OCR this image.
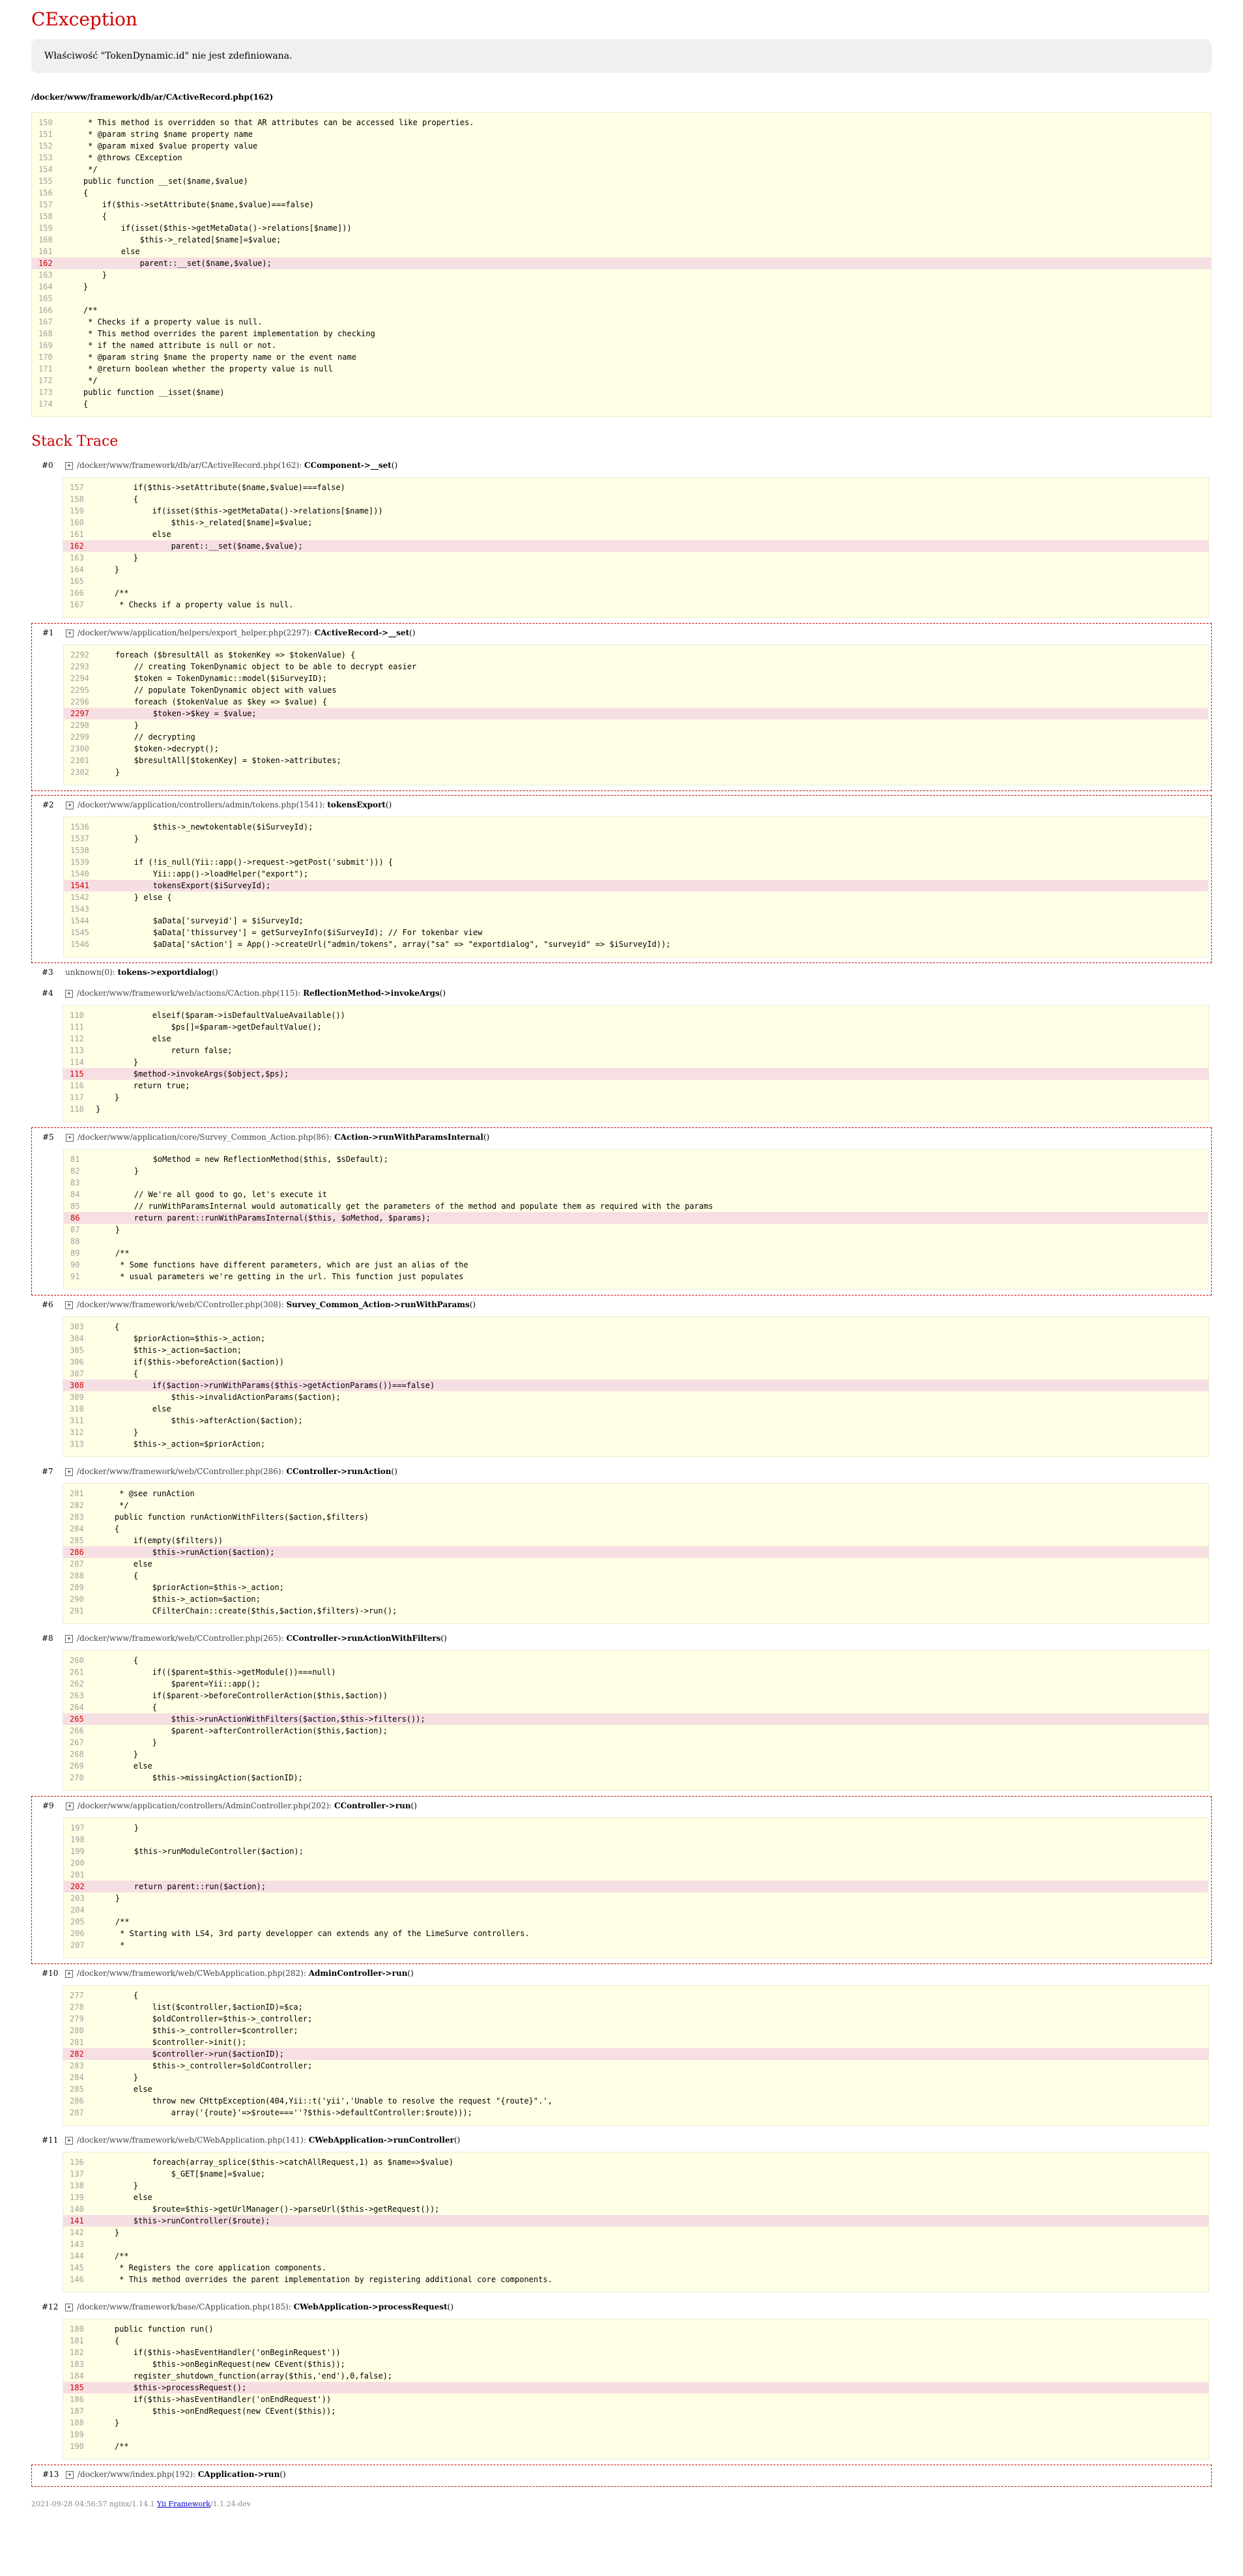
CException
Właściwość "TokenDynamic.id" nie jest zdefiniowana.
/docker/www/framework/db/ar/CActiveRecord.php(162)
150     * This method is overridden so that AR attributes can be accessed like properties.
151     * @param string $name property name
152     * @param mixed $value property value
153     * @throws CException
154     */
155    public function __set($name,$value)
156    {
157        if($this->setAttribute($name,$value)===false)
158        {
159            if(isset($this->getMetaData()->relations[$name]))
160                $this->_related[$name]=$value;
161            else
162                parent::__set($name,$value);
163        }
164    }
165
166    /**
167     * Checks if a property value is null.
168     * This method overrides the parent implementation by checking
169     * if the named attribute is null or not.
170     * @param string $name the property name or the event name
171     * @return boolean whether the property value is null
172     */
173    public function __isset($name)
174    {
Stack Trace
#0 + /docker/www/framework/db/ar/CActiveRecord.php(162): CComponent->__set()
157        if($this->setAttribute($name,$value)===false)
158        {
159            if(isset($this->getMetaData()->relations[$name]))
160                $this->_related[$name]=$value;
161            else
162                parent::__set($name,$value);
163        }
164    }
165
166    /**
167     * Checks if a property value is null.
#1 + /docker/www/application/helpers/export_helper.php(2297): CActiveRecord->__set()
2292    foreach ($bresultAll as $tokenKey => $tokenValue) {
2293        // creating TokenDynamic object to be able to decrypt easier
2294        $token = TokenDynamic::model($iSurveyID);
2295        // populate TokenDynamic object with values
2296        foreach ($tokenValue as $key => $value) {
2297            $token->$key = $value;
2298        }
2299        // decrypting
2300        $token->decrypt();
2301        $bresultAll[$tokenKey] = $token->attributes;
2302    }
#2 + /docker/www/application/controllers/admin/tokens.php(1541): tokensExport()
1536            $this->_newtokentable($iSurveyId);
1537        }
1538
1539        if (!is_null(Yii::app()->request->getPost('submit'))) {
1540            Yii::app()->loadHelper("export");
1541            tokensExport($iSurveyId);
1542        } else {
1543
1544            $aData['surveyid'] = $iSurveyId;
1545            $aData['thissurvey'] = getSurveyInfo($iSurveyId); // For tokenbar view
1546            $aData['sAction'] = App()->createUrl("admin/tokens", array("sa" => "exportdialog", "surveyid" => $iSurveyId));
#3 unknown(0): tokens->exportdialog()
#4 + /docker/www/framework/web/actions/CAction.php(115): ReflectionMethod->invokeArgs()
110            elseif($param->isDefaultValueAvailable())
111                $ps[]=$param->getDefaultValue();
112            else
113                return false;
114        }
115        $method->invokeArgs($object,$ps);
116        return true;
117    }
118 }
#5 + /docker/www/application/core/Survey_Common_Action.php(86): CAction->runWithParamsInternal()
81            $oMethod = new ReflectionMethod($this, $sDefault);
82        }
83
84        // We're all good to go, let's execute it
85        // runWithParamsInternal would automatically get the parameters of the method and populate them as required with the params
86        return parent::runWithParamsInternal($this, $oMethod, $params);
87    }
88
89    /**
90     * Some functions have different parameters, which are just an alias of the
91     * usual parameters we're getting in the url. This function just populates
#6 + /docker/www/framework/web/CController.php(308): Survey_Common_Action->runWithParams()
303    {
304        $priorAction=$this->_action;
305        $this->_action=$action;
306        if($this->beforeAction($action))
307        {
308            if($action->runWithParams($this->getActionParams())===false)
309                $this->invalidActionParams($action);
310            else
311                $this->afterAction($action);
312        }
313        $this->_action=$priorAction;
#7 + /docker/www/framework/web/CController.php(286): CController->runAction()
281     * @see runAction
282     */
283    public function runActionWithFilters($action,$filters)
284    {
285        if(empty($filters))
286            $this->runAction($action);
287        else
288        {
289            $priorAction=$this->_action;
290            $this->_action=$action;
291            CFilterChain::create($this,$action,$filters)->run();
#8 + /docker/www/framework/web/CController.php(265): CController->runActionWithFilters()
260        {
261            if(($parent=$this->getModule())===null)
262                $parent=Yii::app();
263            if($parent->beforeControllerAction($this,$action))
264            {
265                $this->runActionWithFilters($action,$this->filters());
266                $parent->afterControllerAction($this,$action);
267            }
268        }
269        else
270            $this->missingAction($actionID);
#9 + /docker/www/application/controllers/AdminController.php(202): CController->run()
197        }
198
199        $this->runModuleController($action);
200
201
202        return parent::run($action);
203    }
204
205    /**
206     * Starting with LS4, 3rd party developper can extends any of the LimeSurve controllers.
207     *
#10 + /docker/www/framework/web/CWebApplication.php(282): AdminController->run()
277        {
278            list($controller,$actionID)=$ca;
279            $oldController=$this->_controller;
280            $this->_controller=$controller;
281            $controller->init();
282            $controller->run($actionID);
283            $this->_controller=$oldController;
284        }
285        else
286            throw new CHttpException(404,Yii::t('yii','Unable to resolve the request "{route}".',
287                array('{route}'=>$route===''?$this->defaultController:$route)));
#11 + /docker/www/framework/web/CWebApplication.php(141): CWebApplication->runController()
136            foreach(array_splice($this->catchAllRequest,1) as $name=>$value)
137                $_GET[$name]=$value;
138        }
139        else
140            $route=$this->getUrlManager()->parseUrl($this->getRequest());
141        $this->runController($route);
142    }
143
144    /**
145     * Registers the core application components.
146     * This method overrides the parent implementation by registering additional core components.
#12 + /docker/www/framework/base/CApplication.php(185): CWebApplication->processRequest()
180    public function run()
181    {
182        if($this->hasEventHandler('onBeginRequest'))
183            $this->onBeginRequest(new CEvent($this));
184        register_shutdown_function(array($this,'end'),0,false);
185        $this->processRequest();
186        if($this->hasEventHandler('onEndRequest'))
187            $this->onEndRequest(new CEvent($this));
188    }
189
190    /**
#13 + /docker/www/index.php(192): CApplication->run()
2021-09-28 04:56:57 nginx/1.14.1 Yii Framework/1.1.24-dev
